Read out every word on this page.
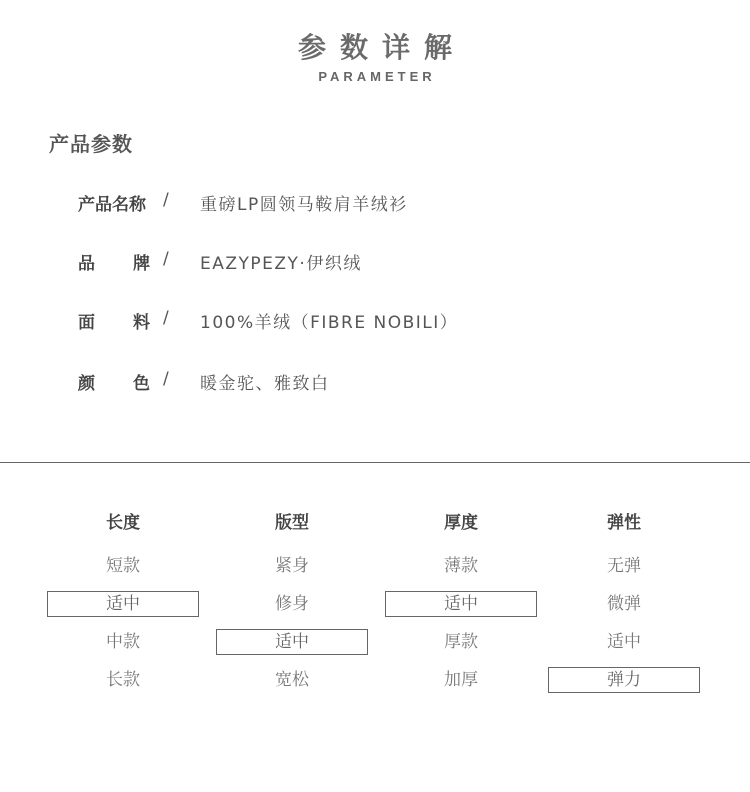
参数详解
PARAMETER
产品参数
产品名称 / 重磅LP圆领马鞍肩羊绒衫
品 牌 / EAZYPEZY·伊织绒
面 料 / 100%羊绒（FIBRE NOBILI）
颜 色 / 暖金驼、雅致白
长度
短款
适中
中款
长款
版型
紧身
修身
适中
宽松
厚度
薄款
适中
厚款
加厚
弹性
无弹
微弹
适中
弹力
